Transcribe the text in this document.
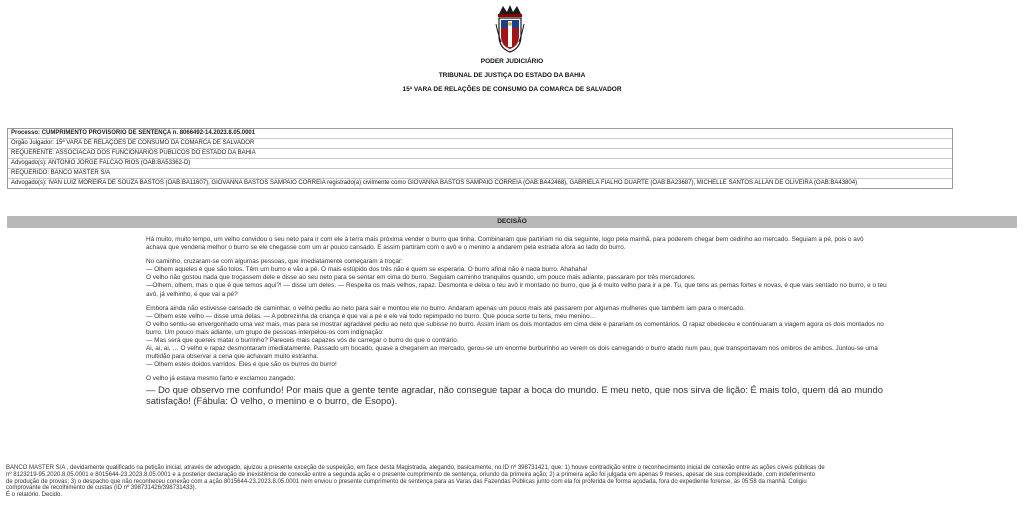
PODER JUDICIÁRIO
TRIBUNAL DE JUSTIÇA DO ESTADO DA BAHIA
15ª VARA DE RELAÇÕES DE CONSUMO DA COMARCA DE SALVADOR
Processo: CUMPRIMENTO PROVISÓRIO DE SENTENÇA n. 8066492-14.2023.8.05.0001
Órgão Julgador: 15ª VARA DE RELAÇÕES DE CONSUMO DA COMARCA DE SALVADOR
REQUERENTE: ASSOCIACAO DOS FUNCIONARIOS PUBLICOS DO ESTADO DA BAHIA
Advogado(s): ANTONIO JORGE FALCAO RIOS (OAB:BA53362-D)
REQUERIDO: BANCO MASTER S/A
Advogado(s): IVAN LUIZ MOREIRA DE SOUZA BASTOS (OAB:BA11607), GIOVANNA BASTOS SAMPAIO CORREIA registrado(a) civilmente como GIOVANNA BASTOS SAMPAIO CORREIA (OAB:BA42468), GABRIELA FIALHO DUARTE (OAB:BA23687), MICHELLE SANTOS ALLAN DE OLIVEIRA (OAB:BA43804)
DECISÃO

Há muito, muito tempo, um velho convidou o seu neto para ir com ele à terra mais próxima vender o burro que tinha. Combinaram que partiriam no dia seguinte, logo pela manhã, para poderem chegar bem cedinho ao mercado. Seguiam a pé, pois o avô
achava que venderia melhor o burro se ele chegasse com um ar pouco cansado. E assim partiram com o avô e o menino a andarem pela estrada afora ao lado do burro.

No caminho, cruzaram-se com algumas pessoas, que imediatamente começaram a troçar:
— Olhem aqueles é que são tolos. Têm um burro e vão a pé. O mais estúpido dos três não é quem se esperaria. O burro afinal não é nada burro. Ahahaha!
O velho não gostou nada que troçassem dele e disse ao seu neto para se sentar em cima do burro. Seguiam caminho tranquilos quando, um pouco mais adiante, passaram por três mercadores.
—Olhem, olhem, mas o que é que temos aqui?! — disse um deles. — Respeita os mais velhos, rapaz. Desmonta e deixa o teu avô ir montado no burro, que já é muito velho para ir a pé. Tu, que tens as pernas fortes e novas, é que vais sentado no burro, e o teu
avô, já velhinho, é que vai a pé?

Embora ainda não estivesse cansado de caminhar, o velho pediu ao neto para sair e montou ele no burro. Andaram apenas um pouco mais até passarem por algumas mulheres que também iam para o mercado.
— Olhem este velho — disse uma delas. — A pobrezinha da criança é que vai a pé e ele vai todo repimpado no burro. Que pouca sorte tu tens, meu menino…
O velho sentiu-se envergonhado uma vez mais, mas para se mostrar agradável pediu ao neto que subisse no burro. Assim iriam os dois montados em cima dele e parariam os comentários. O rapaz obedeceu e continuaram a viagem agora os dois montados no
burro. Um pouco mais adiante, um grupo de pessoas interpelou-os com indignação:
— Mas será que quereis matar o burrinho? Pareceis mais capazes vós de carregar o burro do que o contrário.
Ai, ai, ai, … O velho e rapaz desmontaram imediatamente. Passado um bocado, quase a chegarem ao mercado, gerou-se um enorme burburinho ao verem os dois carregando o burro atado num pau, que transportavam nos ombros de ambos. Juntou-se uma
multidão para observar a cena que achavam muito estranha.
— Olhem estes doidos varridos. Eles é que são os burros do burro!

O velho já estava mesmo farto e exclamou zangado:
— Do que observo me confundo! Por mais que a gente tente agradar, não consegue tapar a boca do mundo. E meu neto, que nos sirva de lição: É mais tolo, quem dá ao mundo
satisfação! (Fábula: O velho, o menino e o burro, de Esopo).

BANCO MASTER S/A , devidamente qualificado na petição inicial, através de advogado, ajuizou a presente exceção de suspeição, em face desta Magistrada, alegando, basicamente, no ID nº 398731421, que: 1) houve contradição entre o reconhecimento inicial de conexão entre as ações cíveis públicas de
nº 8123219-95.2020.8.05.0001 e 8015644-23.2023.8.05.0001 e a posterior declaração de inexistência de conexão entre a segunda ação e o presente cumprimento de sentença, oriundo da primeira ação; 2) a primeira ação foi julgada em apenas 9 meses, apesar de sua complexidade, com indeferimento
de produção de provas; 3) o despacho que não reconheceu conexão com a ação 8015644-23.2023.8.05.0001 nem enviou o presente cumprimento de sentença para as Varas das Fazendas Públicas junto com ela foi proferida de forma açodada, fora do expediente forense, às 05:58 da manhã. Coligiu
comprovante de recolhimento de custas (ID nº 398731426/398731433).
É o relatório. Decido.
